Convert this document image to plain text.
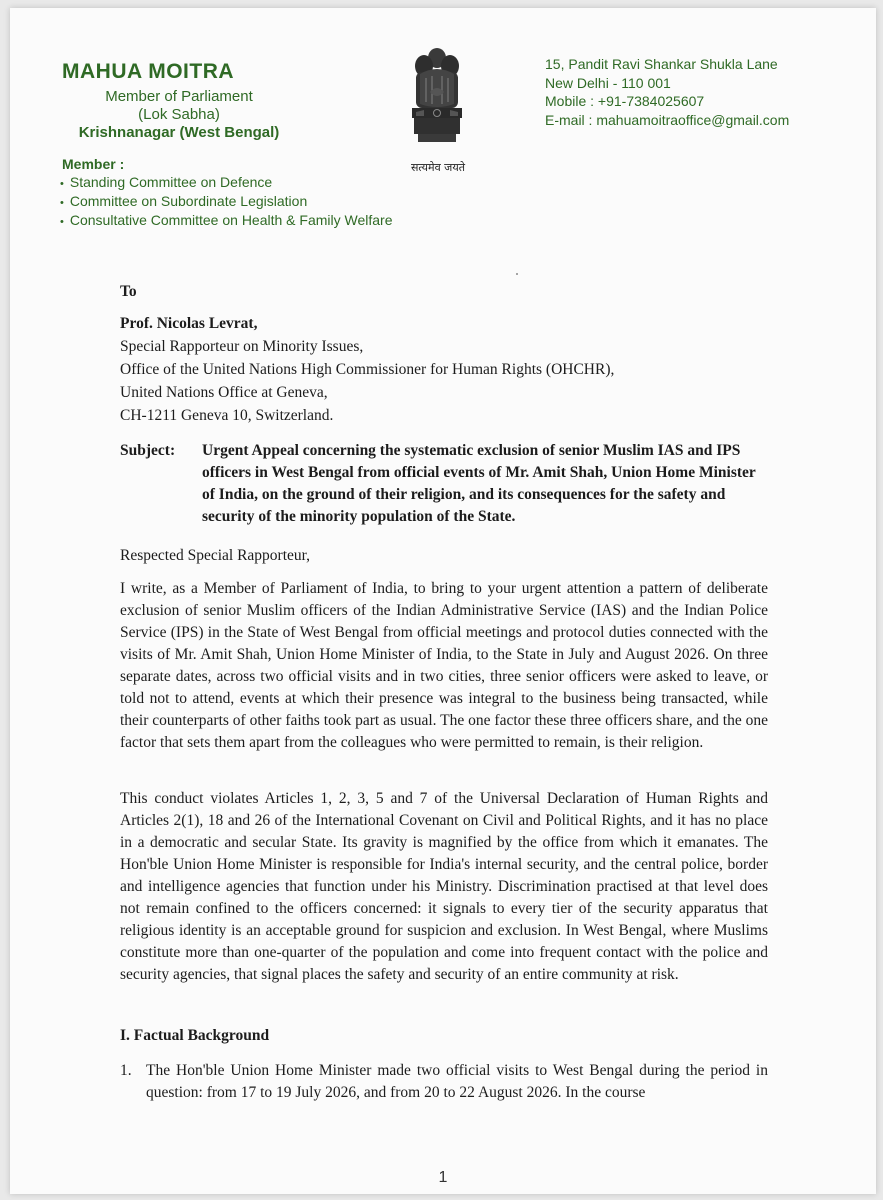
MAHUA MOITRA
Member of Parliament
(Lok Sabha)
Krishnanagar (West Bengal)
Member :
• Standing Committee on Defence
• Committee on Subordinate Legislation
• Consultative Committee on Health & Family Welfare
सत्यमेव जयते
15, Pandit Ravi Shankar Shukla Lane
New Delhi - 110 001
Mobile : +91-7384025607
E-mail : mahuamoitraoffice@gmail.com
To
Prof. Nicolas Levrat,
Special Rapporteur on Minority Issues,
Office of the United Nations High Commissioner for Human Rights (OHCHR),
United Nations Office at Geneva,
CH-1211 Geneva 10, Switzerland.
Subject: Urgent Appeal concerning the systematic exclusion of senior Muslim IAS and IPS officers in West Bengal from official events of Mr. Amit Shah, Union Home Minister of India, on the ground of their religion, and its consequences for the safety and security of the minority population of the State.
Respected Special Rapporteur,
I write, as a Member of Parliament of India, to bring to your urgent attention a pattern of deliberate exclusion of senior Muslim officers of the Indian Administrative Service (IAS) and the Indian Police Service (IPS) in the State of West Bengal from official meetings and protocol duties connected with the visits of Mr. Amit Shah, Union Home Minister of India, to the State in July and August 2026. On three separate dates, across two official visits and in two cities, three senior officers were asked to leave, or told not to attend, events at which their presence was integral to the business being transacted, while their counterparts of other faiths took part as usual. The one factor these three officers share, and the one factor that sets them apart from the colleagues who were permitted to remain, is their religion.
This conduct violates Articles 1, 2, 3, 5 and 7 of the Universal Declaration of Human Rights and Articles 2(1), 18 and 26 of the International Covenant on Civil and Political Rights, and it has no place in a democratic and secular State. Its gravity is magnified by the office from which it emanates. The Hon'ble Union Home Minister is responsible for India's internal security, and the central police, border and intelligence agencies that function under his Ministry. Discrimination practised at that level does not remain confined to the officers concerned: it signals to every tier of the security apparatus that religious identity is an acceptable ground for suspicion and exclusion. In West Bengal, where Muslims constitute more than one-quarter of the population and come into frequent contact with the police and security agencies, that signal places the safety and security of an entire community at risk.
I. Factual Background
1. The Hon'ble Union Home Minister made two official visits to West Bengal during the period in question: from 17 to 19 July 2026, and from 20 to 22 August 2026. In the course
1
